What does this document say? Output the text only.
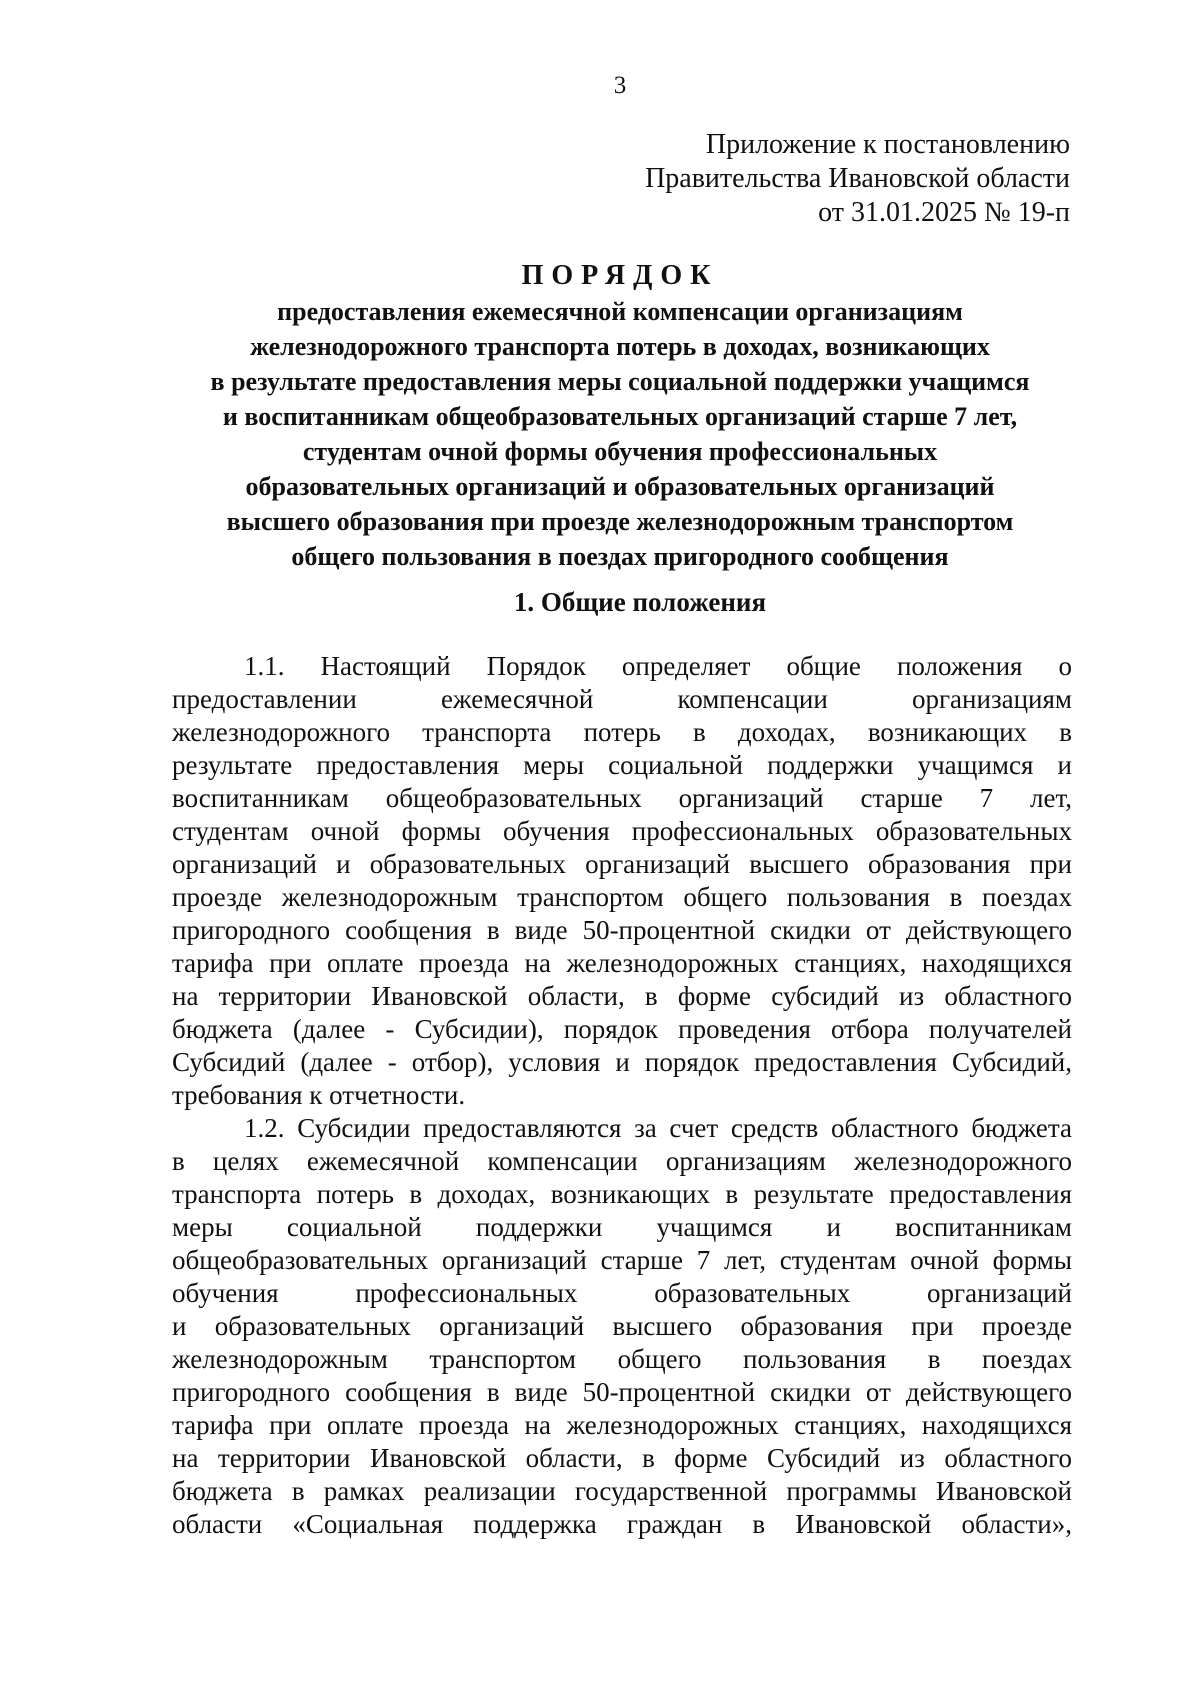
3
Приложение к постановлению
Правительства Ивановской области
от 31.01.2025 № 19-п
ПОРЯДОК
предоставления ежемесячной компенсации организациям
железнодорожного транспорта потерь в доходах, возникающих
в результате предоставления меры социальной поддержки учащимся
и воспитанникам общеобразовательных организаций старше 7 лет,
студентам очной формы обучения профессиональных
образовательных организаций и образовательных организаций
высшего образования при проезде железнодорожным транспортом
общего пользования в поездах пригородного сообщения
1. Общие положения
1.1. Настоящий Порядок определяет общие положения о
предоставлении ежемесячной компенсации организациям
железнодорожного транспорта потерь в доходах, возникающих в
результате предоставления меры социальной поддержки учащимся и
воспитанникам общеобразовательных организаций старше 7 лет,
студентам очной формы обучения профессиональных образовательных
организаций и образовательных организаций высшего образования при
проезде железнодорожным транспортом общего пользования в поездах
пригородного сообщения в виде 50-процентной скидки от действующего
тарифа при оплате проезда на железнодорожных станциях, находящихся
на территории Ивановской области, в форме субсидий из областного
бюджета (далее - Субсидии), порядок проведения отбора получателей
Субсидий (далее - отбор), условия и порядок предоставления Субсидий,
требования к отчетности.
1.2. Субсидии предоставляются за счет средств областного бюджета
в целях ежемесячной компенсации организациям железнодорожного
транспорта потерь в доходах, возникающих в результате предоставления
меры социальной поддержки учащимся и воспитанникам
общеобразовательных организаций старше 7 лет, студентам очной формы
обучения профессиональных образовательных организаций
и образовательных организаций высшего образования при проезде
железнодорожным транспортом общего пользования в поездах
пригородного сообщения в виде 50-процентной скидки от действующего
тарифа при оплате проезда на железнодорожных станциях, находящихся
на территории Ивановской области, в форме Субсидий из областного
бюджета в рамках реализации государственной программы Ивановской
области «Социальная поддержка граждан в Ивановской области»,
